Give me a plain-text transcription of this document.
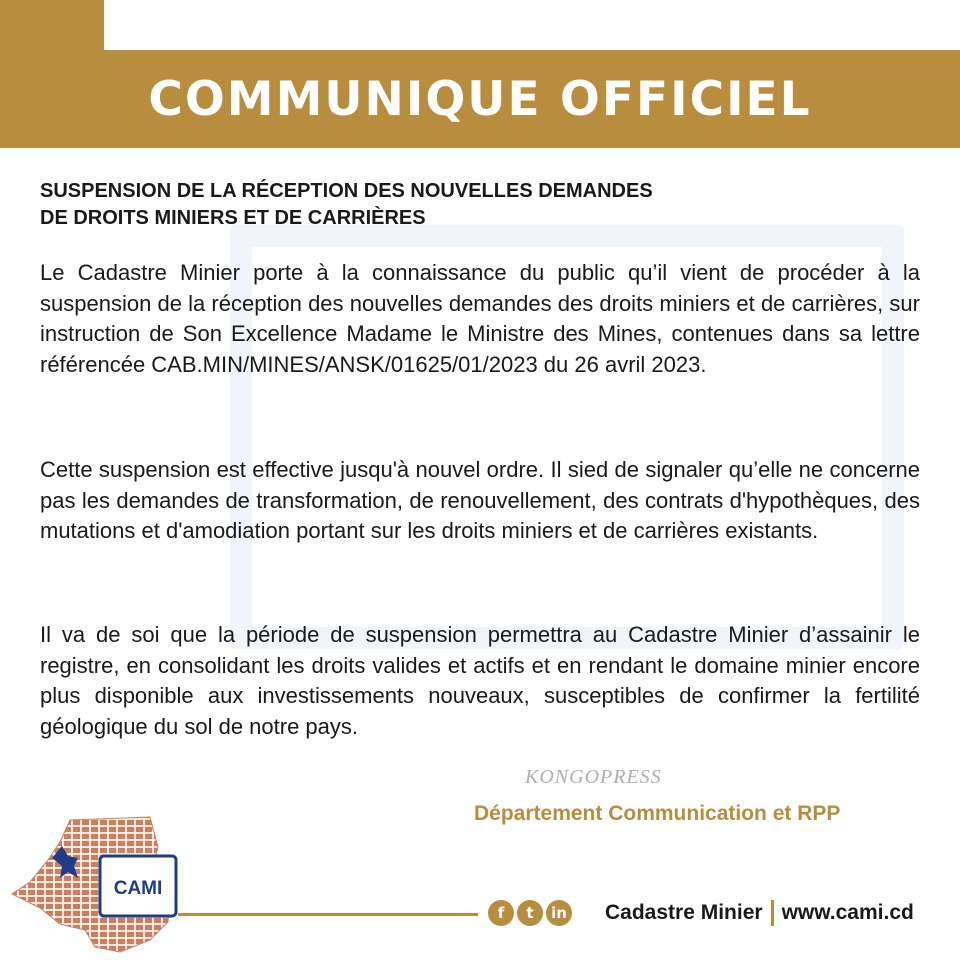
COMMUNIQUE OFFICIEL

SUSPENSION DE LA RÉCEPTION DES NOUVELLES DEMANDES
DE DROITS MINIERS ET DE CARRIÈRES

Le Cadastre Minier porte à la connaissance du public qu’il vient de procéder à la suspension de la réception des nouvelles demandes des droits miniers et de carrières, sur instruction de Son Excellence Madame le Ministre des Mines, contenues dans sa lettre référencée CAB.MIN/MINES/ANSK/01625/01/2023 du 26 avril 2023.

Cette suspension est effective jusqu'à nouvel ordre. Il sied de signaler qu’elle ne concerne pas les demandes de transformation, de renouvellement, des contrats d'hypothèques, des mutations et d'amodiation portant sur les droits miniers et de carrières existants.

Il va de soi que la période de suspension permettra au Cadastre Minier d’assainir le registre, en consolidant les droits valides et actifs et en rendant le domaine minier encore plus disponible aux investissements nouveaux, susceptibles de confirmer la fertilité géologique du sol de notre pays.

KONGOPRESS
Département Communication et RPP
CAMI
f	t	in Cadastre Minier www.cami.cd
